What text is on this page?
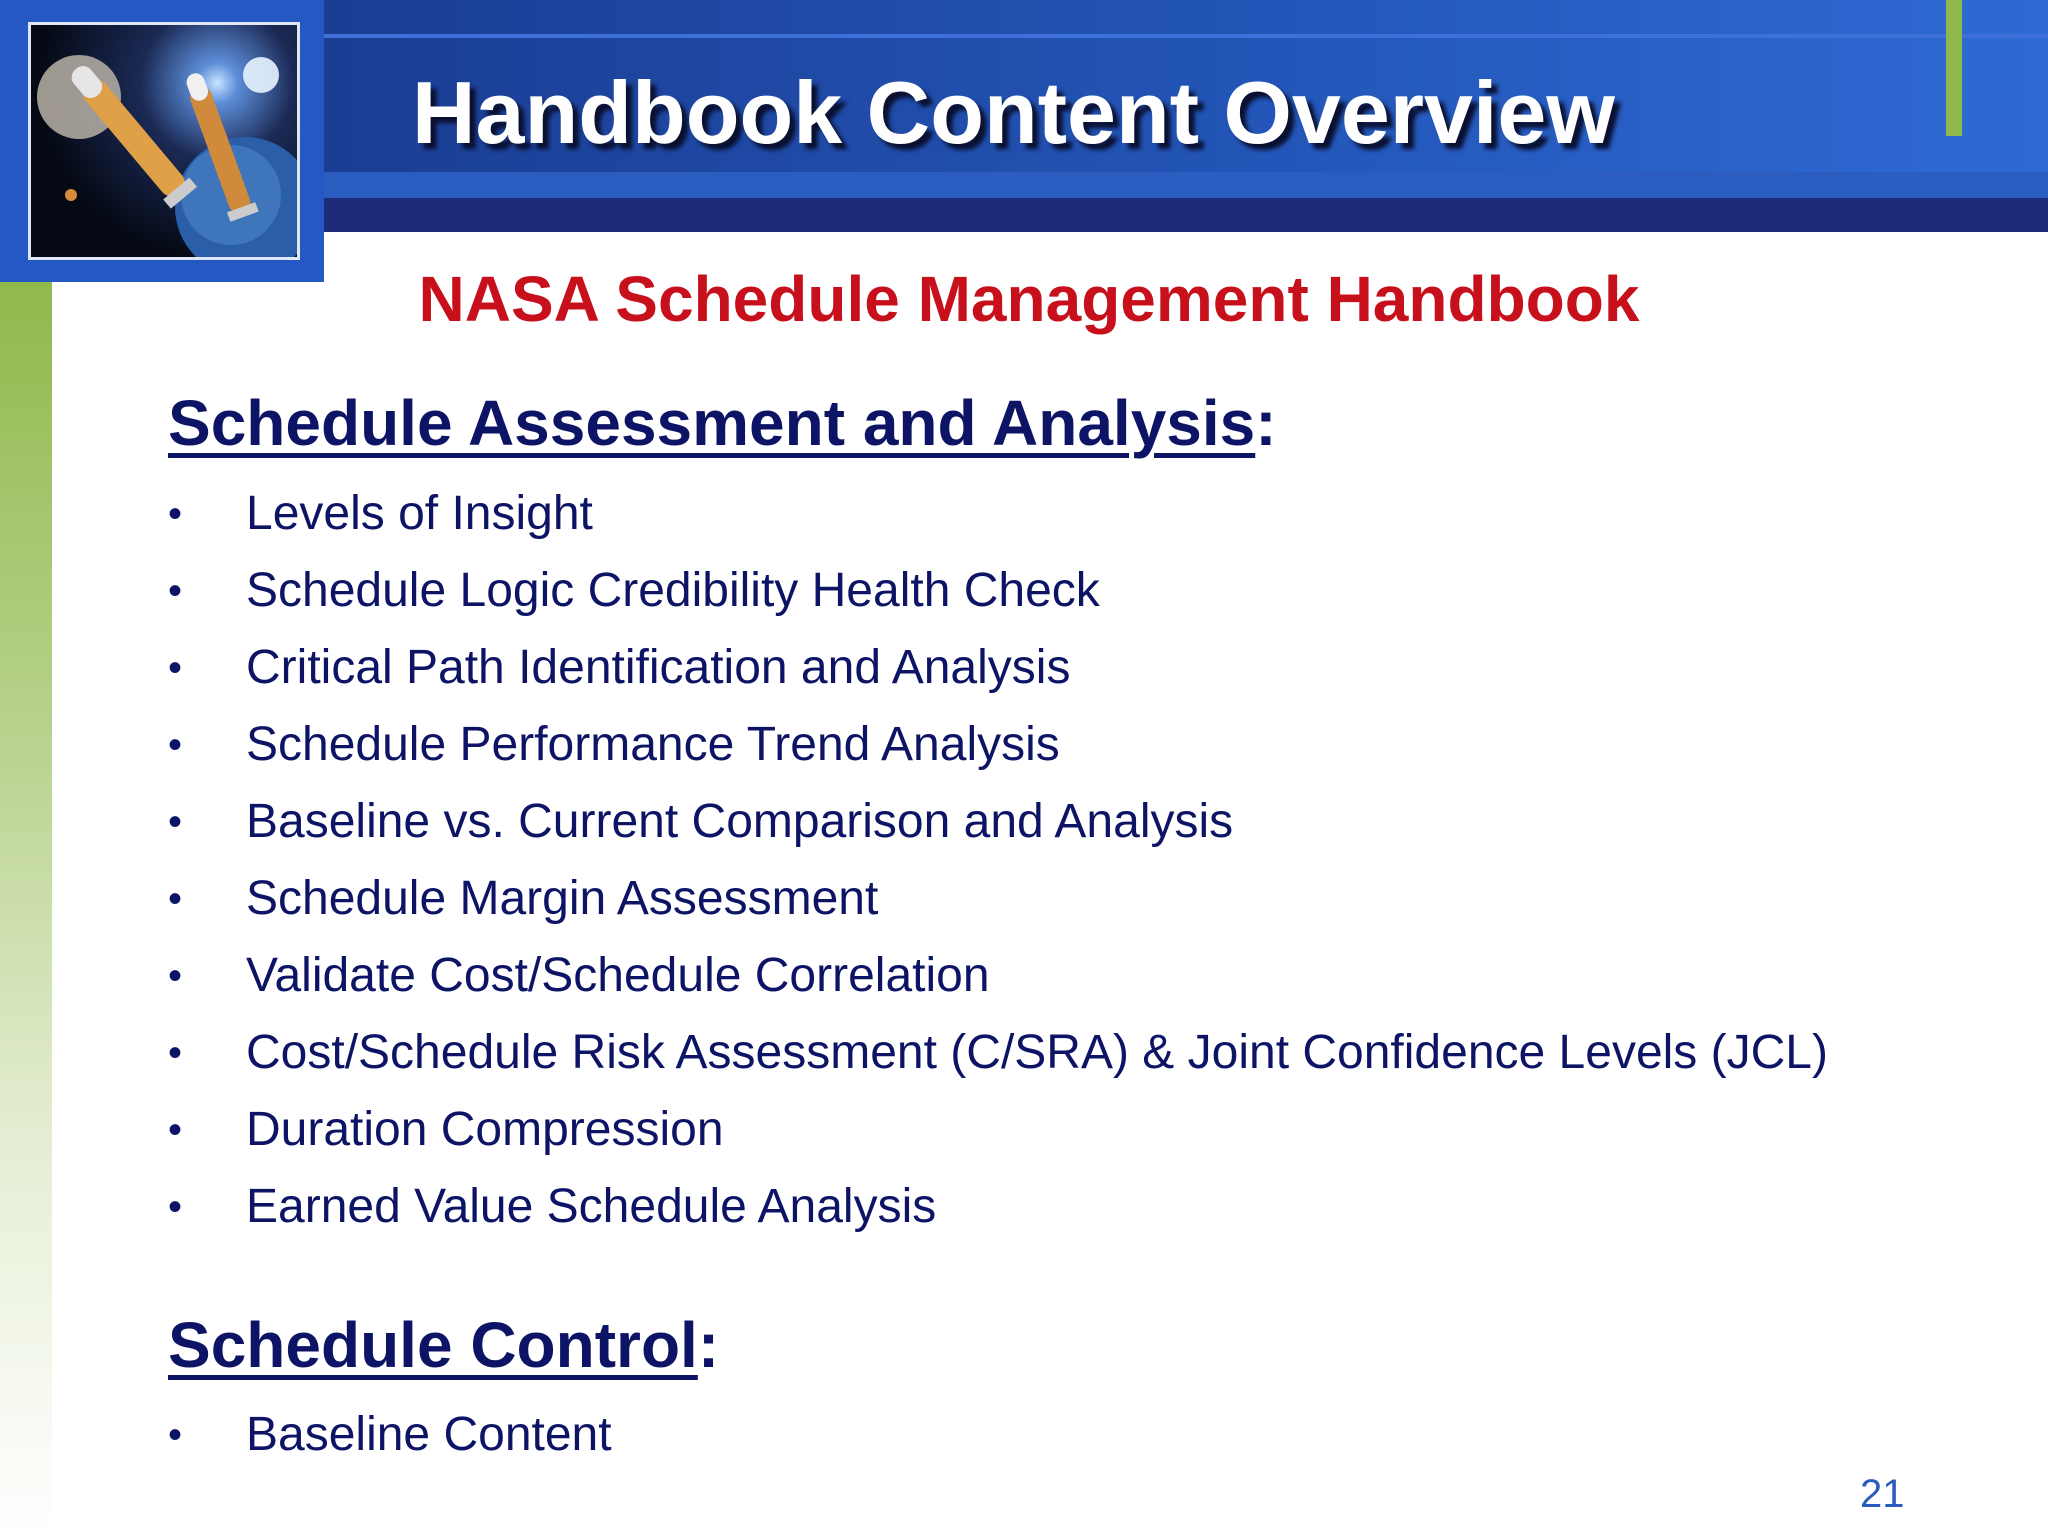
Handbook Content Overview
NASA Schedule Management Handbook
Schedule Assessment and Analysis:
• Levels of Insight
• Schedule Logic Credibility Health Check
• Critical Path Identification and Analysis
• Schedule Performance Trend Analysis
• Baseline vs. Current Comparison and Analysis
• Schedule Margin Assessment
• Validate Cost/Schedule Correlation
• Cost/Schedule Risk Assessment (C/SRA) & Joint Confidence Levels (JCL)
• Duration Compression
• Earned Value Schedule Analysis
Schedule Control:
• Baseline Content
21
